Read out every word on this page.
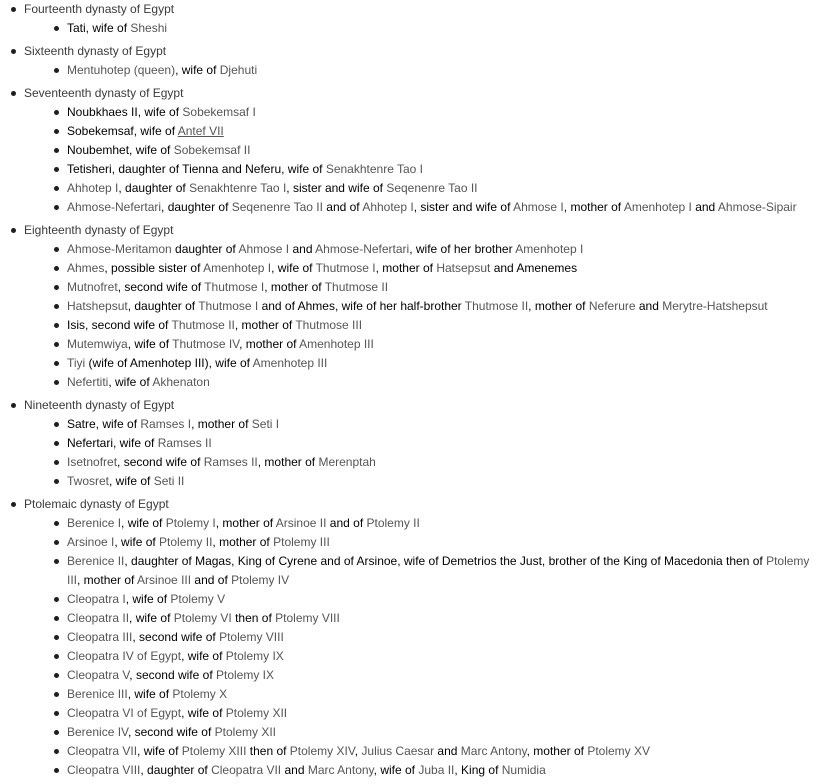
Fourteenth dynasty of Egypt
Tati, wife of Sheshi
Sixteenth dynasty of Egypt
Mentuhotep (queen), wife of Djehuti
Seventeenth dynasty of Egypt
Noubkhaes II, wife of Sobekemsaf I
Sobekemsaf, wife of Antef VII
Noubemhet, wife of Sobekemsaf II
Tetisheri, daughter of Tienna and Neferu, wife of Senakhtenre Tao I
Ahhotep I, daughter of Senakhtenre Tao I, sister and wife of Seqenenre Tao II
Ahmose-Nefertari, daughter of Seqenenre Tao II and of Ahhotep I, sister and wife of Ahmose I, mother of Amenhotep I and Ahmose-Sipair
Eighteenth dynasty of Egypt
Ahmose-Meritamon daughter of Ahmose I and Ahmose-Nefertari, wife of her brother Amenhotep I
Ahmes, possible sister of Amenhotep I, wife of Thutmose I, mother of Hatsepsut and Amenemes
Mutnofret, second wife of Thutmose I, mother of Thutmose II
Hatshepsut, daughter of Thutmose I and of Ahmes, wife of her half-brother Thutmose II, mother of Neferure and Merytre-Hatshepsut
Isis, second wife of Thutmose II, mother of Thutmose III
Mutemwiya, wife of Thutmose IV, mother of Amenhotep III
Tiyi (wife of Amenhotep III), wife of Amenhotep III
Nefertiti, wife of Akhenaton
Nineteenth dynasty of Egypt
Satre, wife of Ramses I, mother of Seti I
Nefertari, wife of Ramses II
Isetnofret, second wife of Ramses II, mother of Merenptah
Twosret, wife of Seti II
Ptolemaic dynasty of Egypt
Berenice I, wife of Ptolemy I, mother of Arsinoe II and of Ptolemy II
Arsinoe I, wife of Ptolemy II, mother of Ptolemy III
Berenice II, daughter of Magas, King of Cyrene and of Arsinoe, wife of Demetrios the Just, brother of the King of Macedonia then of Ptolemy III, mother of Arsinoe III and of Ptolemy IV
Cleopatra I, wife of Ptolemy V
Cleopatra II, wife of Ptolemy VI then of Ptolemy VIII
Cleopatra III, second wife of Ptolemy VIII
Cleopatra IV of Egypt, wife of Ptolemy IX
Cleopatra V, second wife of Ptolemy IX
Berenice III, wife of Ptolemy X
Cleopatra VI of Egypt, wife of Ptolemy XII
Berenice IV, second wife of Ptolemy XII
Cleopatra VII, wife of Ptolemy XIII then of Ptolemy XIV, Julius Caesar and Marc Antony, mother of Ptolemy XV
Cleopatra VIII, daughter of Cleopatra VII and Marc Antony, wife of Juba II, King of Numidia
